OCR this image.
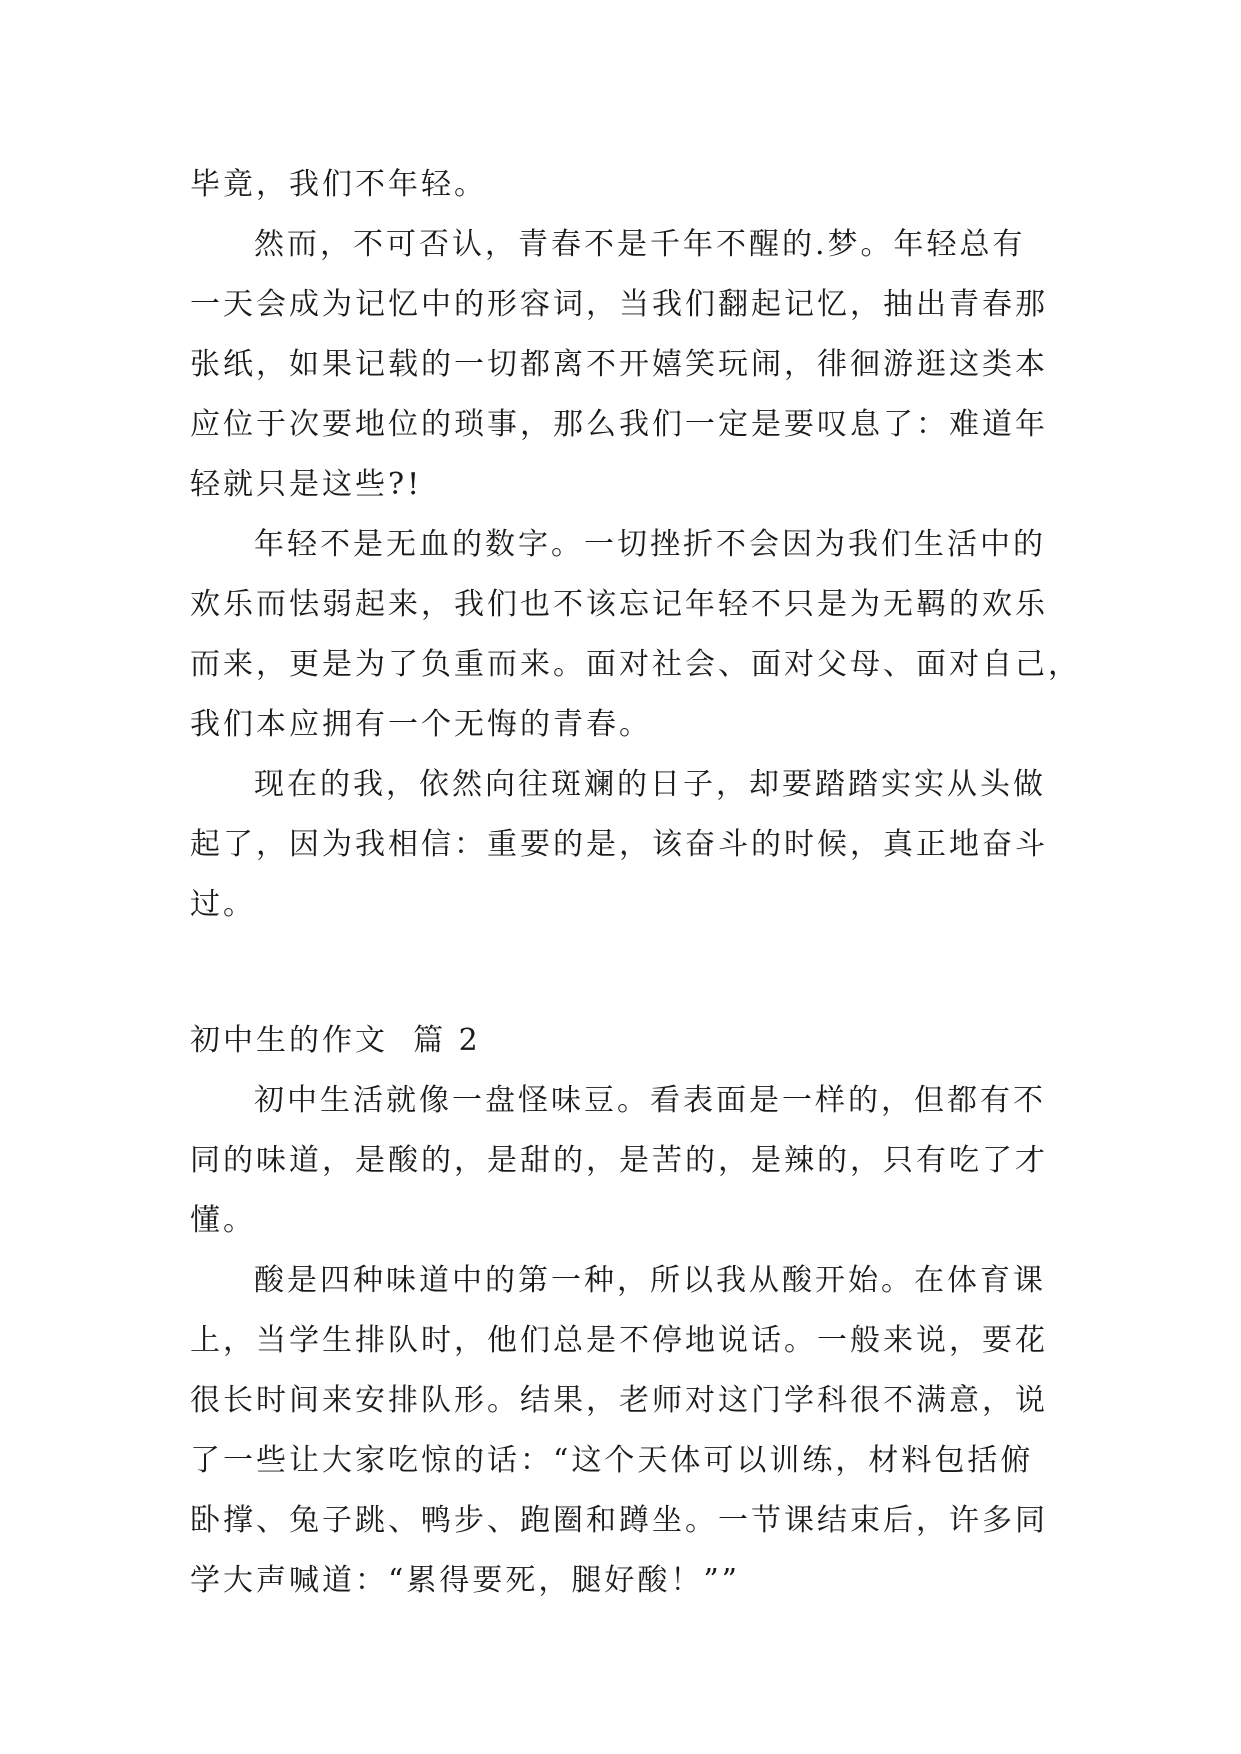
毕竟，我们不年轻。
然而，不可否认，青春不是千年不醒的.梦。年轻总有
一天会成为记忆中的形容词，当我们翻起记忆，抽出青春那
张纸，如果记载的一切都离不开嬉笑玩闹，徘徊游逛这类本
应位于次要地位的琐事，那么我们一定是要叹息了：难道年
轻就只是这些?!
年轻不是无血的数字。一切挫折不会因为我们生活中的
欢乐而怯弱起来，我们也不该忘记年轻不只是为无羁的欢乐
而来，更是为了负重而来。面对社会、面对父母、面对自己，
我们本应拥有一个无悔的青春。
现在的我，依然向往斑斓的日子，却要踏踏实实从头做
起了，因为我相信：重要的是，该奋斗的时候，真正地奋斗
过。
初中生的作文  篇 2
初中生活就像一盘怪味豆。看表面是一样的，但都有不
同的味道，是酸的，是甜的，是苦的，是辣的，只有吃了才
懂。
酸是四种味道中的第一种，所以我从酸开始。在体育课
上，当学生排队时，他们总是不停地说话。一般来说，要花
很长时间来安排队形。结果，老师对这门学科很不满意，说
了一些让大家吃惊的话：“这个天体可以训练，材料包括俯
卧撑、兔子跳、鸭步、跑圈和蹲坐。一节课结束后，许多同
学大声喊道：“累得要死，腿好酸！””
